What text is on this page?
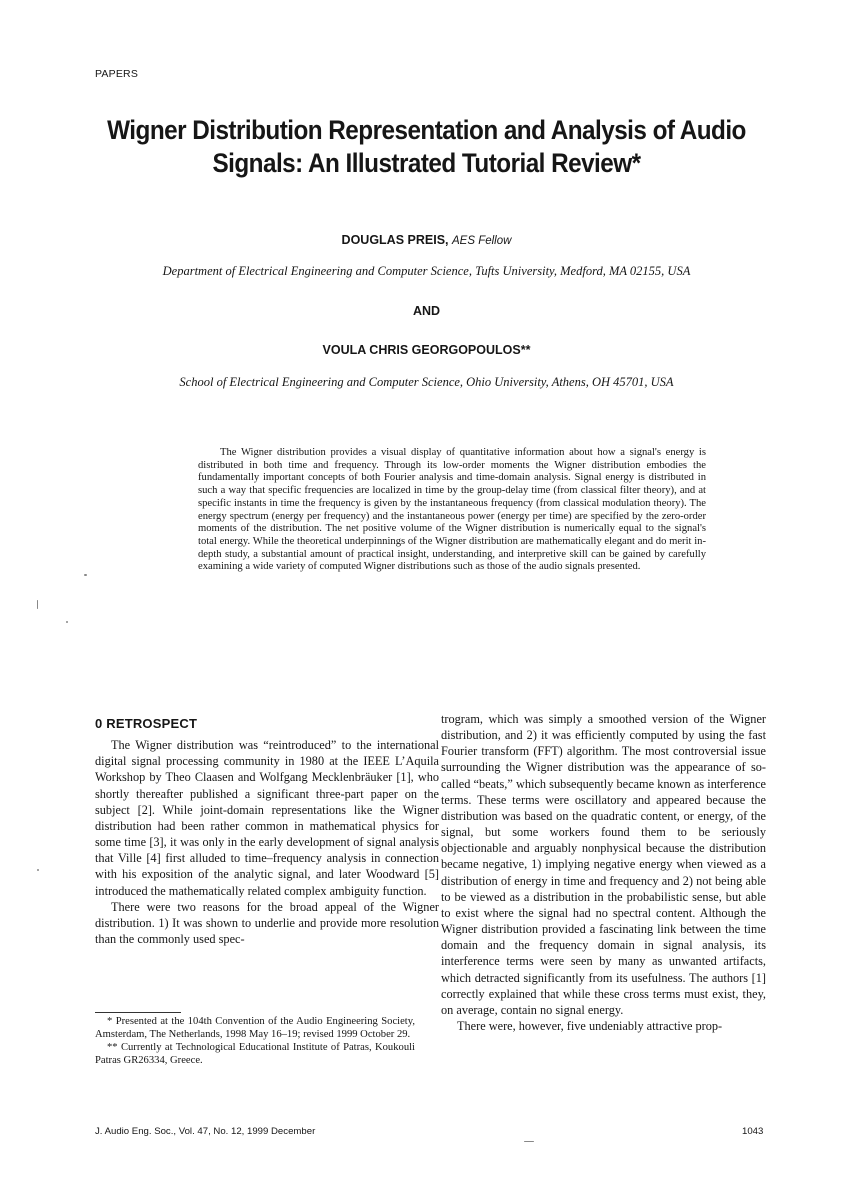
PAPERS
Wigner Distribution Representation and Analysis of Audio
Signals: An Illustrated Tutorial Review*
DOUGLAS PREIS, AES Fellow
Department of Electrical Engineering and Computer Science, Tufts University, Medford, MA 02155, USA
AND
VOULA CHRIS GEORGOPOULOS**
School of Electrical Engineering and Computer Science, Ohio University, Athens, OH 45701, USA

The Wigner distribution provides a visual display of quantitative information about how a signal's energy is distributed in both time and frequency. Through its low-order moments the Wigner distribution embodies the fundamentally important concepts of both Fourier analysis and time-domain analysis. Signal energy is distributed in such a way that specific frequencies are localized in time by the group-delay time (from classical filter theory), and at specific instants in time the frequency is given by the instantaneous frequency (from classical modulation theory). The energy spectrum (energy per frequency) and the instantaneous power (energy per time) are specified by the zero-order moments of the distribution. The net positive volume of the Wigner distribution is numerically equal to the signal's total energy. While the theoretical underpinnings of the Wigner distribution are mathematically elegant and do merit in-depth study, a substantial amount of practical insight, understanding, and interpretive skill can be gained by carefully examining a wide variety of computed Wigner distributions such as those of the audio signals presented.

0 RETROSPECT

The Wigner distribution was “reintroduced” to the international digital signal processing community in 1980 at the IEEE L’Aquila Workshop by Theo Claasen and Wolfgang Mecklenbräuker [1], who shortly thereafter published a significant three-part paper on the subject [2]. While joint-domain representations like the Wigner distribution had been rather common in mathematical physics for some time [3], it was only in the early development of signal analysis that Ville [4] first alluded to time–frequency analysis in connection with his exposition of the analytic signal, and later Woodward [5] introduced the mathematically related complex ambiguity function.

There were two reasons for the broad appeal of the Wigner distribution. 1) It was shown to underlie and provide more resolution than the commonly used spec-

trogram, which was simply a smoothed version of the Wigner distribution, and 2) it was efficiently computed by using the fast Fourier transform (FFT) algorithm. The most controversial issue surrounding the Wigner distribution was the appearance of so-called “beats,” which subsequently became known as interference terms. These terms were oscillatory and appeared because the distribution was based on the quadratic content, or energy, of the signal, but some workers found them to be seriously objectionable and arguably nonphysical because the distribution became negative, 1) implying negative energy when viewed as a distribution of energy in time and frequency and 2) not being able to be viewed as a distribution in the probabilistic sense, but able to exist where the signal had no spectral content. Although the Wigner distribution provided a fascinating link between the time domain and the frequency domain in signal analysis, its interference terms were seen by many as unwanted artifacts, which detracted significantly from its usefulness. The authors [1] correctly explained that while these cross terms must exist, they, on average, contain no signal energy.

There were, however, five undeniably attractive prop-

* Presented at the 104th Convention of the Audio Engineering Society, Amsterdam, The Netherlands, 1998 May 16–19; revised 1999 October 29.

** Currently at Technological Educational Institute of Patras, Koukouli Patras GR26334, Greece.

J. Audio Eng. Soc., Vol. 47, No. 12, 1999 December	1043
